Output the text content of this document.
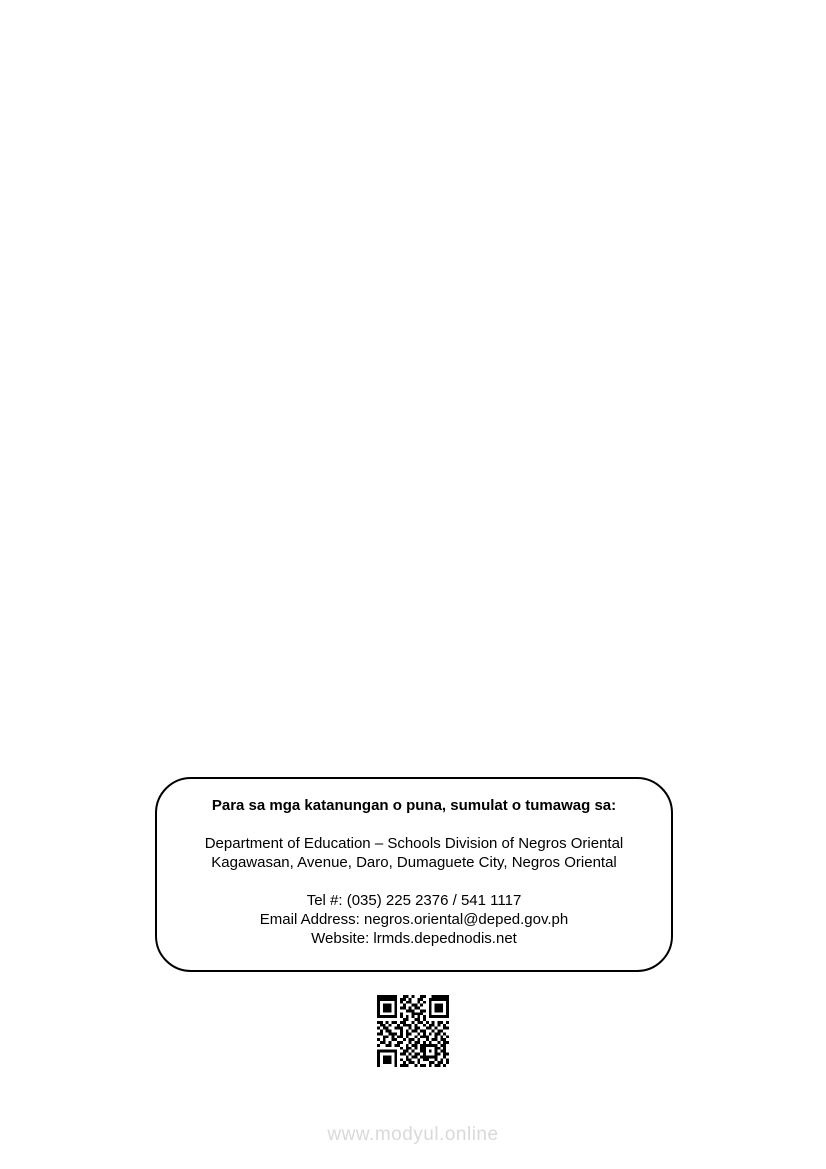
Para sa mga katanungan o puna, sumulat o tumawag sa:
Department of Education – Schools Division of Negros Oriental
Kagawasan, Avenue, Daro, Dumaguete City, Negros Oriental
Tel #: (035) 225 2376 / 541 1117
Email Address: negros.oriental@deped.gov.ph
Website: lrmds.depednodis.net
www.modyul.online
